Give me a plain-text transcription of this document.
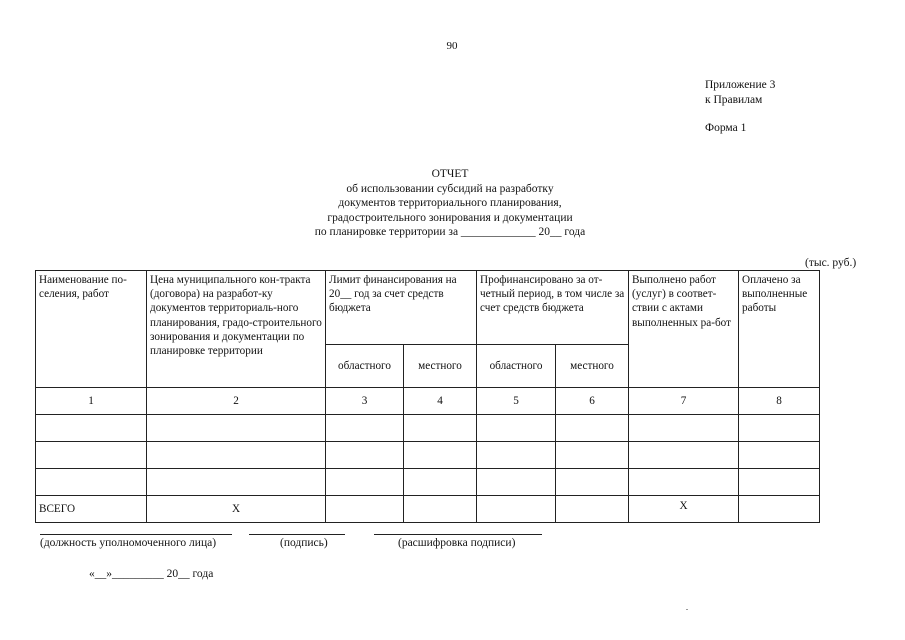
90
Приложение 3
к Правилам
Форма 1
ОТЧЕТ
об использовании субсидий на разработку
документов территориального планирования,
градостроительного зонирования и документации
по планировке территории за _____________ 20__ года
(тыс. руб.)
Наименование по-селения, работ	Цена муниципального кон-тракта (договора) на разработ-ку документов территориаль-ного планирования, градо-строительного зонирования и документации по планировке территории	Лимит финансирования на 20__ год за счет средств бюджета		Профинансировано за от-четный период, в том числе за счет средств бюджета		Выполнено работ (услуг) в соответ-ствии с актами выполненных ра-бот	Оплачено за выполненные работы
		областного	местного	областного	местного		
1	2	3	4	5	6	7	8

ВСЕГО	X					X	
(должность уполномоченного лица)	(подпись)	(расшифровка подписи)
«__»_________ 20__ года
